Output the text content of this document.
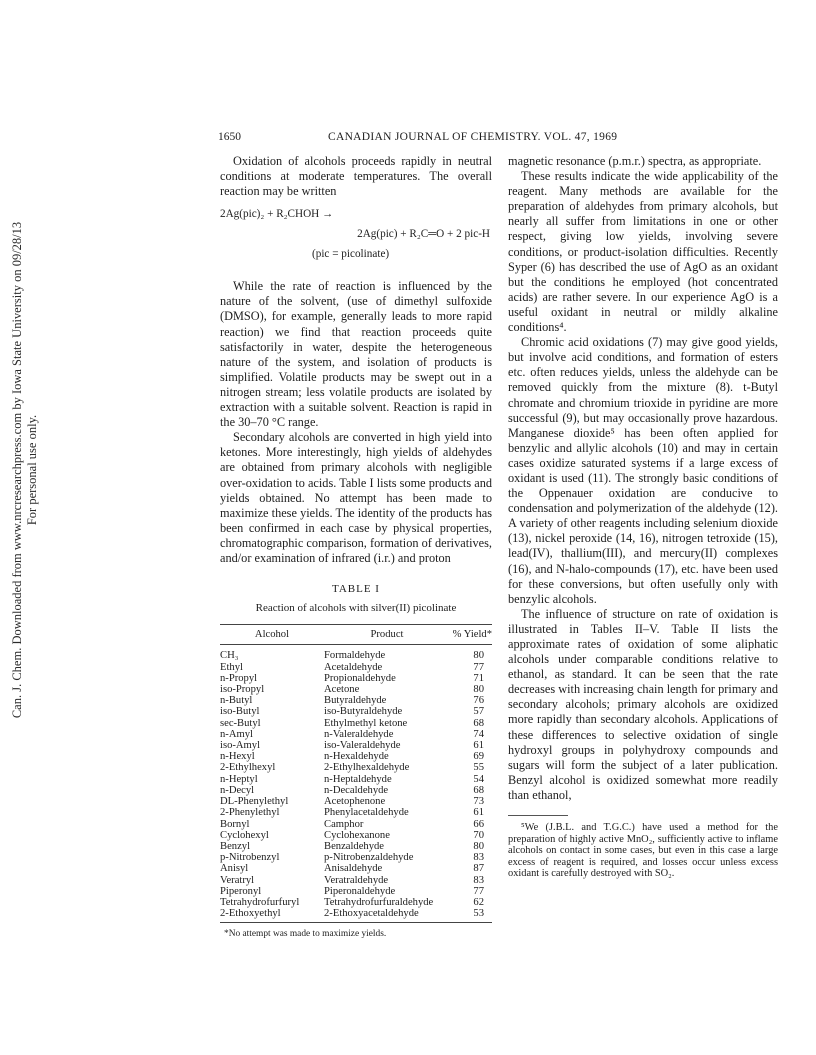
Can. J. Chem. Downloaded from www.nrcresearchpress.com by Iowa State University on 09/28/13 For personal use only.
1650	CANADIAN JOURNAL OF CHEMISTRY. VOL. 47, 1969

Oxidation of alcohols proceeds rapidly in neutral conditions at moderate temperatures. The overall reaction may be written

2Ag(pic)₂ + R₂CHOH →
2Ag(pic) + R₂C═O + 2 pic-H
(pic = picolinate)

While the rate of reaction is influenced by the nature of the solvent, (use of dimethyl sulfoxide (DMSO), for example, generally leads to more rapid reaction) we find that reaction proceeds quite satisfactorily in water, despite the heterogeneous nature of the system, and isolation of products is simplified. Volatile products may be swept out in a nitrogen stream; less volatile products are isolated by extraction with a suitable solvent. Reaction is rapid in the 30–70 °C range.

Secondary alcohols are converted in high yield into ketones. More interestingly, high yields of aldehydes are obtained from primary alcohols with negligible over-oxidation to acids. Table I lists some products and yields obtained. No attempt has been made to maximize these yields. The identity of the products has been confirmed in each case by physical properties, chromatographic comparison, formation of derivatives, and/or examination of infrared (i.r.) and proton

TABLE I
Reaction of alcohols with silver(II) picolinate
Alcohol	Product	% Yield*
CH₃	Formaldehyde	80
Ethyl	Acetaldehyde	77
n-Propyl	Propionaldehyde	71
iso-Propyl	Acetone	80
n-Butyl	Butyraldehyde	76
iso-Butyl	iso-Butyraldehyde	57
sec-Butyl	Ethylmethyl ketone	68
n-Amyl	n-Valeraldehyde	74
iso-Amyl	iso-Valeraldehyde	61
n-Hexyl	n-Hexaldehyde	69
2-Ethylhexyl	2-Ethylhexaldehyde	55
n-Heptyl	n-Heptaldehyde	54
n-Decyl	n-Decaldehyde	68
DL-Phenylethyl	Acetophenone	73
2-Phenylethyl	Phenylacetaldehyde	61
Bornyl	Camphor	66
Cyclohexyl	Cyclohexanone	70
Benzyl	Benzaldehyde	80
p-Nitrobenzyl	p-Nitrobenzaldehyde	83
Anisyl	Anisaldehyde	87
Veratryl	Veratraldehyde	83
Piperonyl	Piperonaldehyde	77
Tetrahydrofurfuryl	Tetrahydrofurfuraldehyde	62
2-Ethoxyethyl	2-Ethoxyacetaldehyde	53
*No attempt was made to maximize yields.

magnetic resonance (p.m.r.) spectra, as appropriate.

These results indicate the wide applicability of the reagent. Many methods are available for the preparation of aldehydes from primary alcohols, but nearly all suffer from limitations in one or other respect, giving low yields, involving severe conditions, or product-isolation difficulties. Recently Syper (6) has described the use of AgO as an oxidant but the conditions he employed (hot concentrated acids) are rather severe. In our experience AgO is a useful oxidant in neutral or mildly alkaline conditions⁴.

Chromic acid oxidations (7) may give good yields, but involve acid conditions, and formation of esters etc. often reduces yields, unless the aldehyde can be removed quickly from the mixture (8). t-Butyl chromate and chromium trioxide in pyridine are more successful (9), but may occasionally prove hazardous. Manganese dioxide⁵ has been often applied for benzylic and allylic alcohols (10) and may in certain cases oxidize saturated systems if a large excess of oxidant is used (11). The strongly basic conditions of the Oppenauer oxidation are conducive to condensation and polymerization of the aldehyde (12). A variety of other reagents including selenium dioxide (13), nickel peroxide (14, 16), nitrogen tetroxide (15), lead(IV), thallium(III), and mercury(II) complexes (16), and N-halo-compounds (17), etc. have been used for these conversions, but often usefully only with benzylic alcohols.

The influence of structure on rate of oxidation is illustrated in Tables II–V. Table II lists the approximate rates of oxidation of some aliphatic alcohols under comparable conditions relative to ethanol, as standard. It can be seen that the rate decreases with increasing chain length for primary and secondary alcohols; primary alcohols are oxidized more rapidly than secondary alcohols. Applications of these differences to selective oxidation of single hydroxyl groups in polyhydroxy compounds and sugars will form the subject of a later publication. Benzyl alcohol is oxidized somewhat more readily than ethanol,

⁵We (J.B.L. and T.G.C.) have used a method for the preparation of highly active MnO₂, sufficiently active to inflame alcohols on contact in some cases, but even in this case a large excess of reagent is required, and losses occur unless excess oxidant is carefully destroyed with SO₂.
